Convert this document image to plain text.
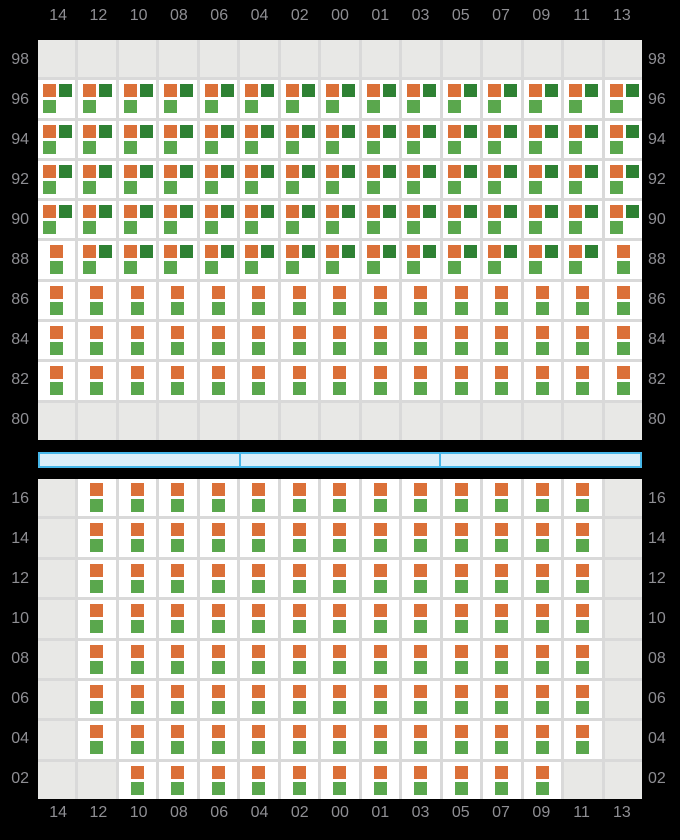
14	12	10	08	06	04	02	00	01	03	05	07	09	11	13
98
96
94
92
90
88
86
84
82
80
98
96
94
92
90
88
86
84
82
80
16
14
12
10
08
06
04
02
16
14
12
10
08
06
04
02
14	12	10	08	06	04	02	00	01	03	05	07	09	11	13
